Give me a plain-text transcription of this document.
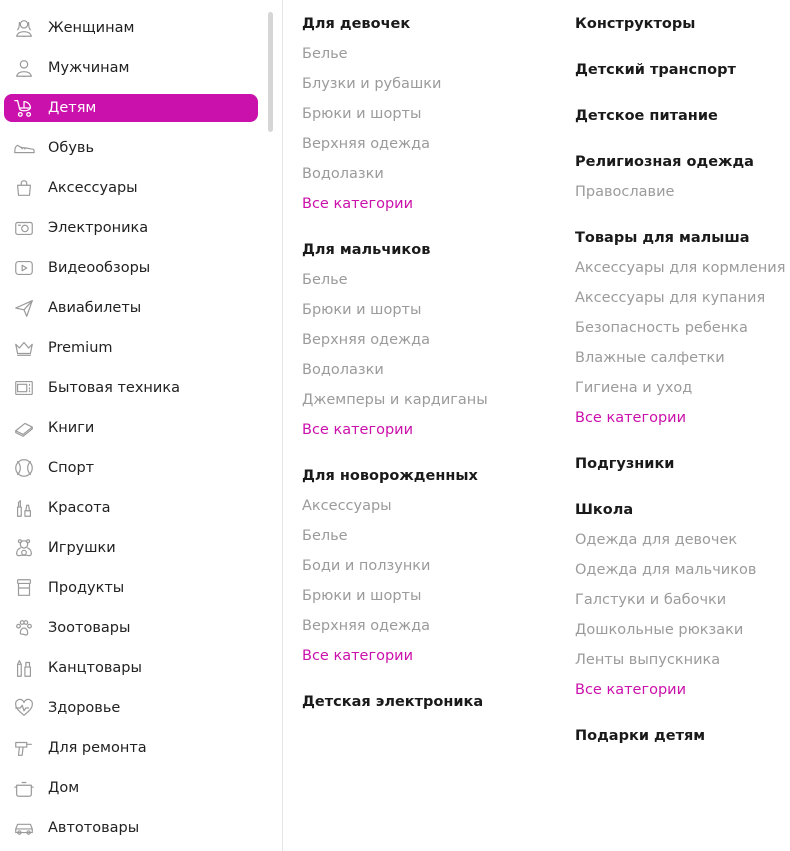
Женщинам
Мужчинам
Детям
Обувь
Аксессуары
Электроника
Видеообзоры
Авиабилеты
Premium
Бытовая техника
Книги
Спорт
Красота
Игрушки
Продукты
Зоотовары
Канцтовары
Здоровье
Для ремонта
Дом
Автотовары
Для девочек
Белье
Блузки и рубашки
Брюки и шорты
Верхняя одежда
Водолазки
Все категории
Для мальчиков
Белье
Брюки и шорты
Верхняя одежда
Водолазки
Джемперы и кардиганы
Все категории
Для новорожденных
Аксессуары
Белье
Боди и ползунки
Брюки и шорты
Верхняя одежда
Все категории
Детская электроника
Конструкторы
Детский транспорт
Детское питание
Религиозная одежда
Православие
Товары для малыша
Аксессуары для кормления
Аксессуары для купания
Безопасность ребенка
Влажные салфетки
Гигиена и уход
Все категории
Подгузники
Школа
Одежда для девочек
Одежда для мальчиков
Галстуки и бабочки
Дошкольные рюкзаки
Ленты выпускника
Все категории
Подарки детям
